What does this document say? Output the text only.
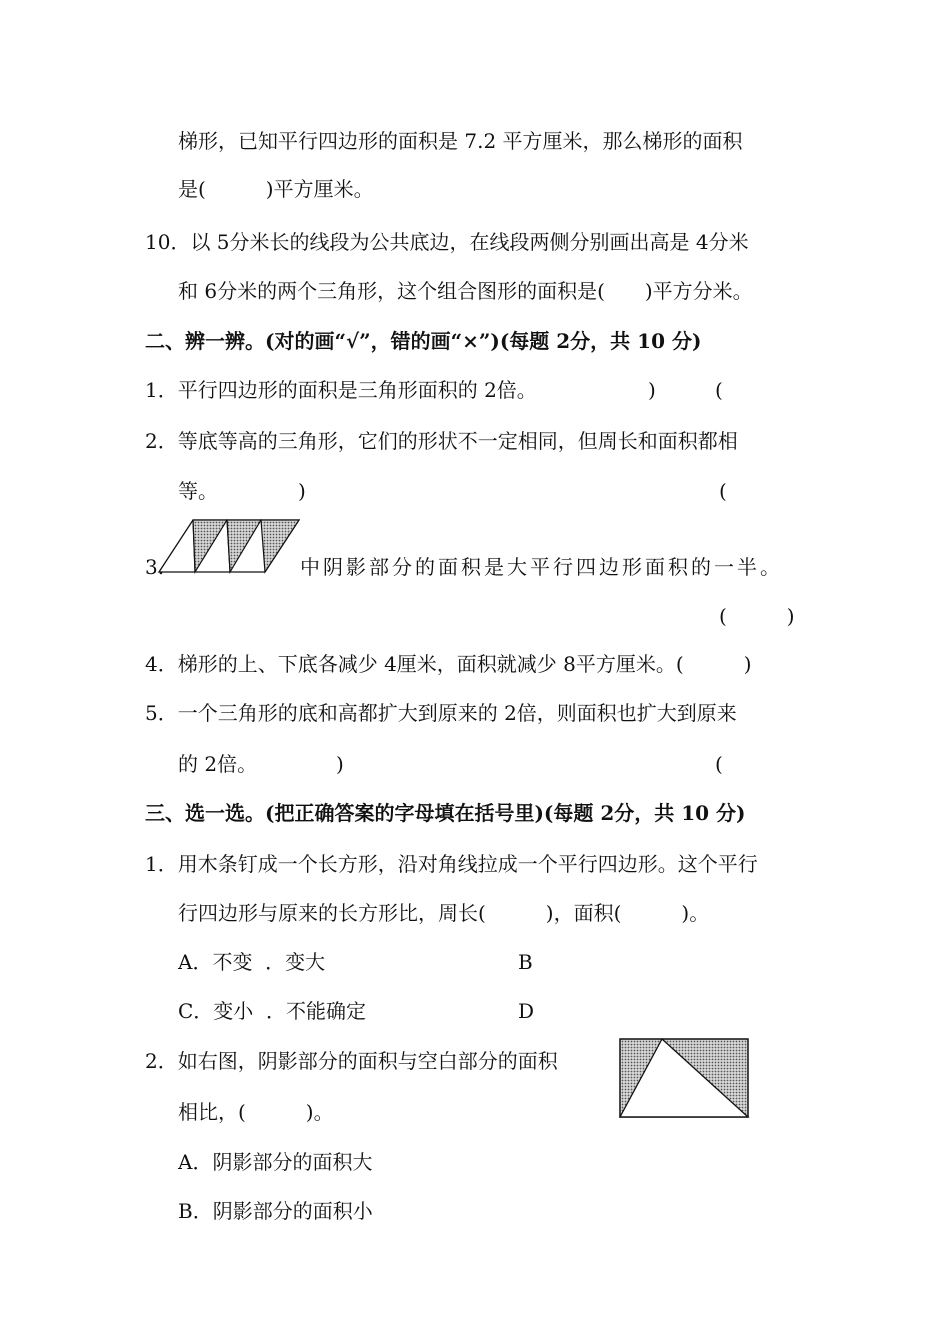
梯形，已知平行四边形的面积是 7.2 平方厘米，那么梯形的面积
是(　　　)平方厘米。
10．以 5分米长的线段为公共底边，在线段两侧分别画出高是 4分米
和 6分米的两个三角形，这个组合图形的面积是(　　)平方分米。
二、辨一辨。(对的画“√”，错的画“×”)(每题 2分，共 10 分)
1．平行四边形的面积是三角形面积的 2倍。	)	(
2．等底等高的三角形，它们的形状不一定相同，但周长和面积都相
等。	)	(
3.	中阴影部分的面积是大平行四边形面积的一半。
(　　　)
4．梯形的上、下底各减少 4厘米，面积就减少 8平方厘米。(　　　)
5．一个三角形的底和高都扩大到原来的 2倍，则面积也扩大到原来
的 2倍。	)	(
三、选一选。(把正确答案的字母填在括号里)(每题 2分，共 10 分)
1．用木条钉成一个长方形，沿对角线拉成一个平行四边形。这个平行
行四边形与原来的长方形比，周长(　　　)，面积(　　　)。
A．不变  ．变大	B
C．变小  ．不能确定	D
2．如右图，阴影部分的面积与空白部分的面积
相比，(　　　)。
A．阴影部分的面积大
B．阴影部分的面积小
